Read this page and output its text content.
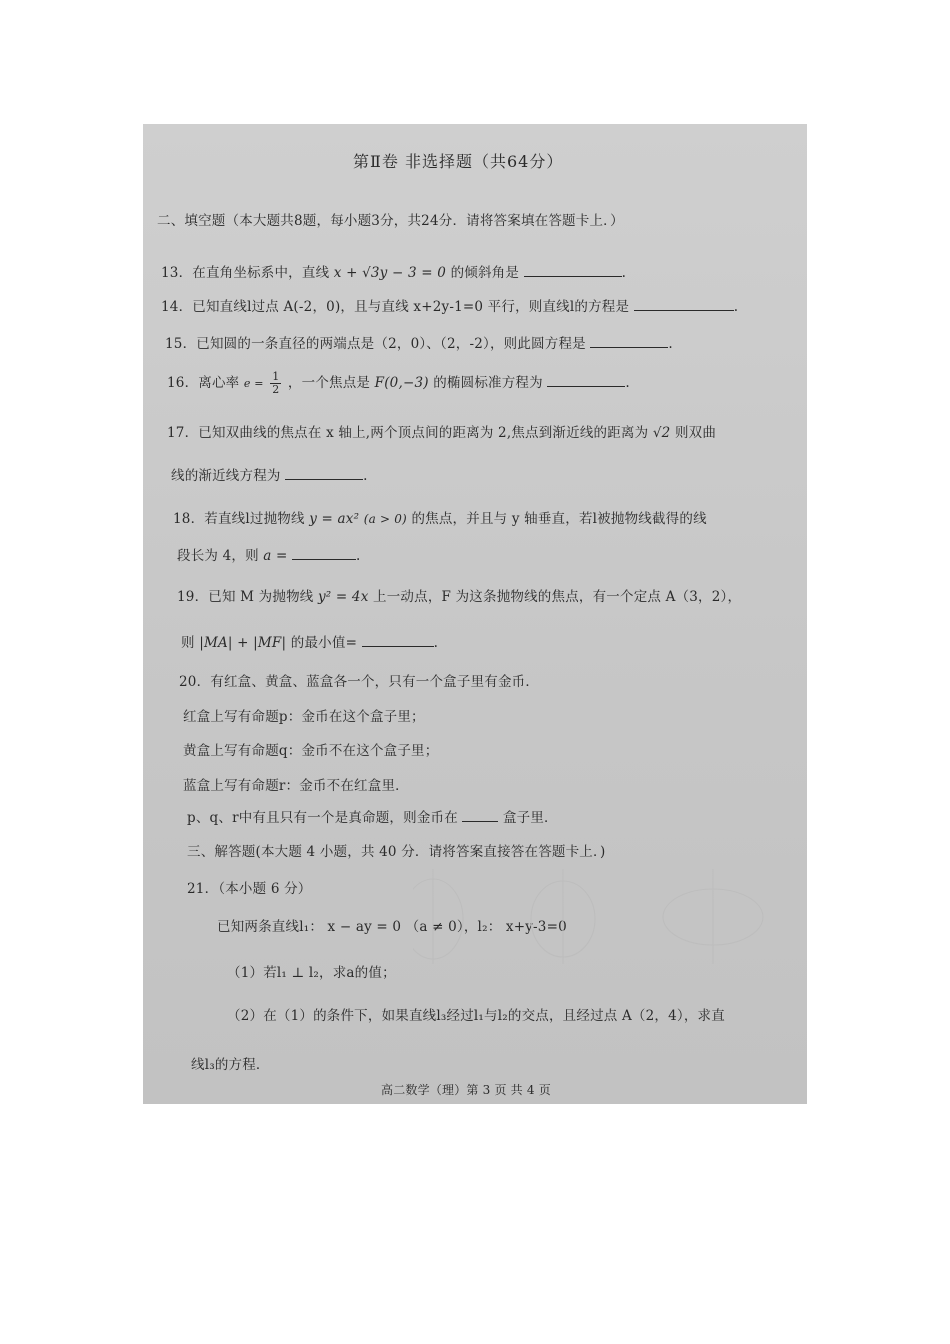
第Ⅱ卷 非选择题（共64分）
二、填空题（本大题共8题，每小题3分，共24分．请将答案填在答题卡上．）
13．在直角坐标系中，直线 x + √3y − 3 = 0 的倾斜角是	.
14．已知直线l过点 A(-2，0)，且与直线 x+2y-1=0 平行，则直线l的方程是	.
15．已知圆的一条直径的两端点是（2，0）、（2，-2），则此圆方程是	.
16．离心率 $e = \frac{1}{2}$ ，一个焦点是 F(0,−3) 的椭圆标准方程为	.
17．已知双曲线的焦点在 x 轴上,两个顶点间的距离为 2,焦点到渐近线的距离为 √2 则双曲
线的渐近线方程为	.
18．若直线l过抛物线 y = ax² (a > 0) 的焦点，并且与 y 轴垂直，若l被抛物线截得的线
段长为 4，则 a =	.
19．已知 M 为抛物线 y² = 4x 上一动点，F 为这条抛物线的焦点，有一个定点 A（3，2），
则 |MA| + |MF| 的最小值=	.
20．有红盒、黄盒、蓝盒各一个，只有一个盒子里有金币．
红盒上写有命题p：金币在这个盒子里；
黄盒上写有命题q：金币不在这个盒子里；
蓝盒上写有命题r：金币不在红盒里．
p、q、r中有且只有一个是真命题，则金币在	盒子里．
三、解答题(本大题 4 小题，共 40 分．请将答案直接答在答题卡上．)
21．（本小题 6 分）
已知两条直线l₁： x − ay = 0 （a ≠ 0），l₂： x+y-3=0
（1）若l₁ ⊥ l₂，求a的值；
（2）在（1）的条件下，如果直线l₃经过l₁与l₂的交点，且经过点 A（2，4），求直
线l₃的方程．
高二数学（理）第 3 页 共 4 页
